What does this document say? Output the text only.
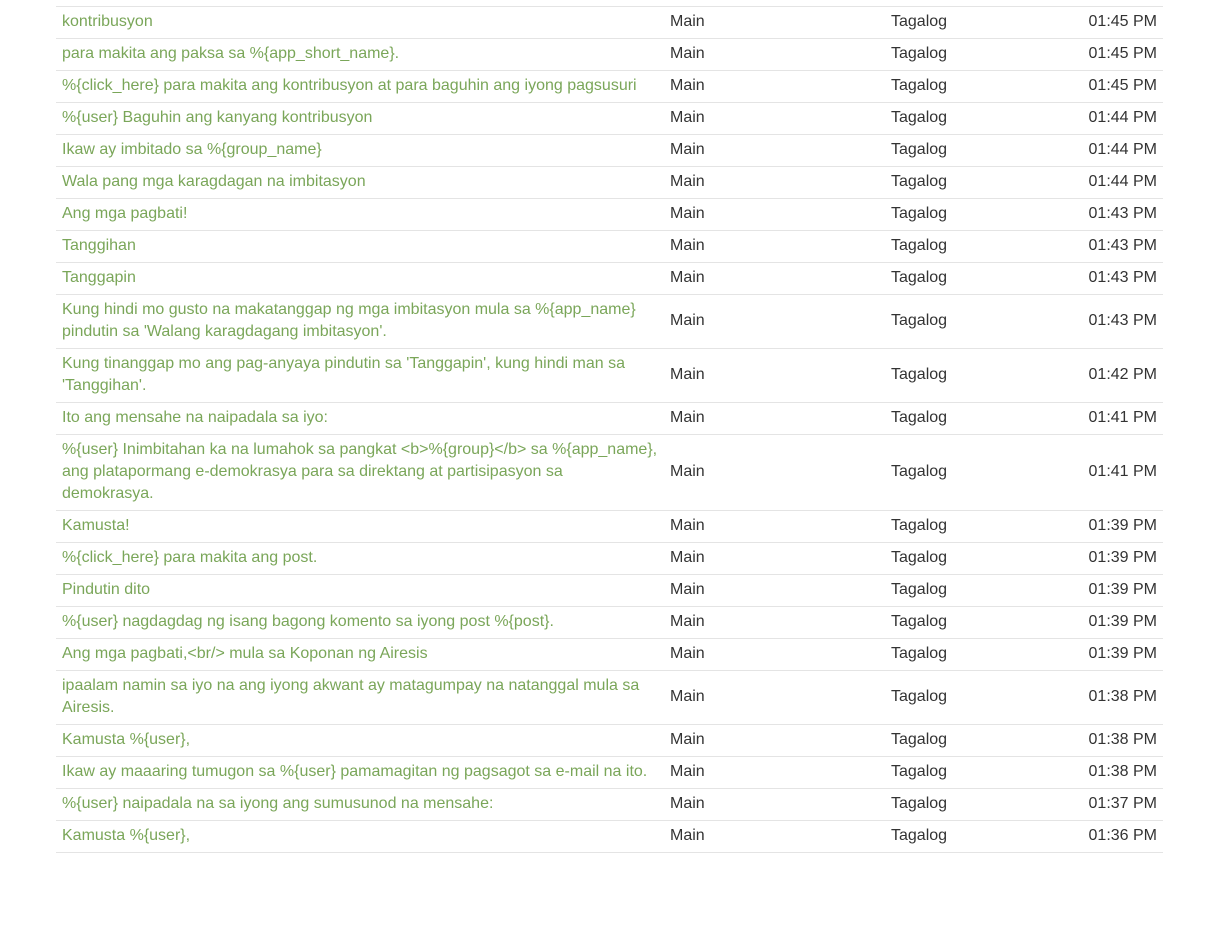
kontribusyon	Main	Tagalog	01:45 PM
para makita ang paksa sa %{app_short_name}.	Main	Tagalog	01:45 PM
%{click_here} para makita ang kontribusyon at para baguhin ang iyong pagsusuri	Main	Tagalog	01:45 PM
%{user} Baguhin ang kanyang kontribusyon	Main	Tagalog	01:44 PM
Ikaw ay imbitado sa %{group_name}	Main	Tagalog	01:44 PM
Wala pang mga karagdagan na imbitasyon	Main	Tagalog	01:44 PM
Ang mga pagbati!	Main	Tagalog	01:43 PM
Tanggihan	Main	Tagalog	01:43 PM
Tanggapin	Main	Tagalog	01:43 PM
Kung hindi mo gusto na makatanggap ng mga imbitasyon mula sa %{app_name} pindutin sa 'Walang karagdagang imbitasyon'.	Main	Tagalog	01:43 PM
Kung tinanggap mo ang pag-anyaya pindutin sa 'Tanggapin', kung hindi man sa 'Tanggihan'.	Main	Tagalog	01:42 PM
Ito ang mensahe na naipadala sa iyo:	Main	Tagalog	01:41 PM
%{user} Inimbitahan ka na lumahok sa pangkat <b>%{group}</b> sa %{app_name}, ang platapormang e-demokrasya para sa direktang at partisipasyon sa demokrasya.	Main	Tagalog	01:41 PM
Kamusta!	Main	Tagalog	01:39 PM
%{click_here} para makita ang post.	Main	Tagalog	01:39 PM
Pindutin dito	Main	Tagalog	01:39 PM
%{user} nagdagdag ng isang bagong komento sa iyong post %{post}.	Main	Tagalog	01:39 PM
Ang mga pagbati,<br/> mula sa Koponan ng Airesis	Main	Tagalog	01:39 PM
ipaalam namin sa iyo na ang iyong akwant ay matagumpay na natanggal mula sa Airesis.	Main	Tagalog	01:38 PM
Kamusta %{user},	Main	Tagalog	01:38 PM
Ikaw ay maaaring tumugon sa %{user} pamamagitan ng pagsagot sa e-mail na ito.	Main	Tagalog	01:38 PM
%{user} naipadala na sa iyong ang sumusunod na mensahe:	Main	Tagalog	01:37 PM
Kamusta %{user},	Main	Tagalog	01:36 PM
